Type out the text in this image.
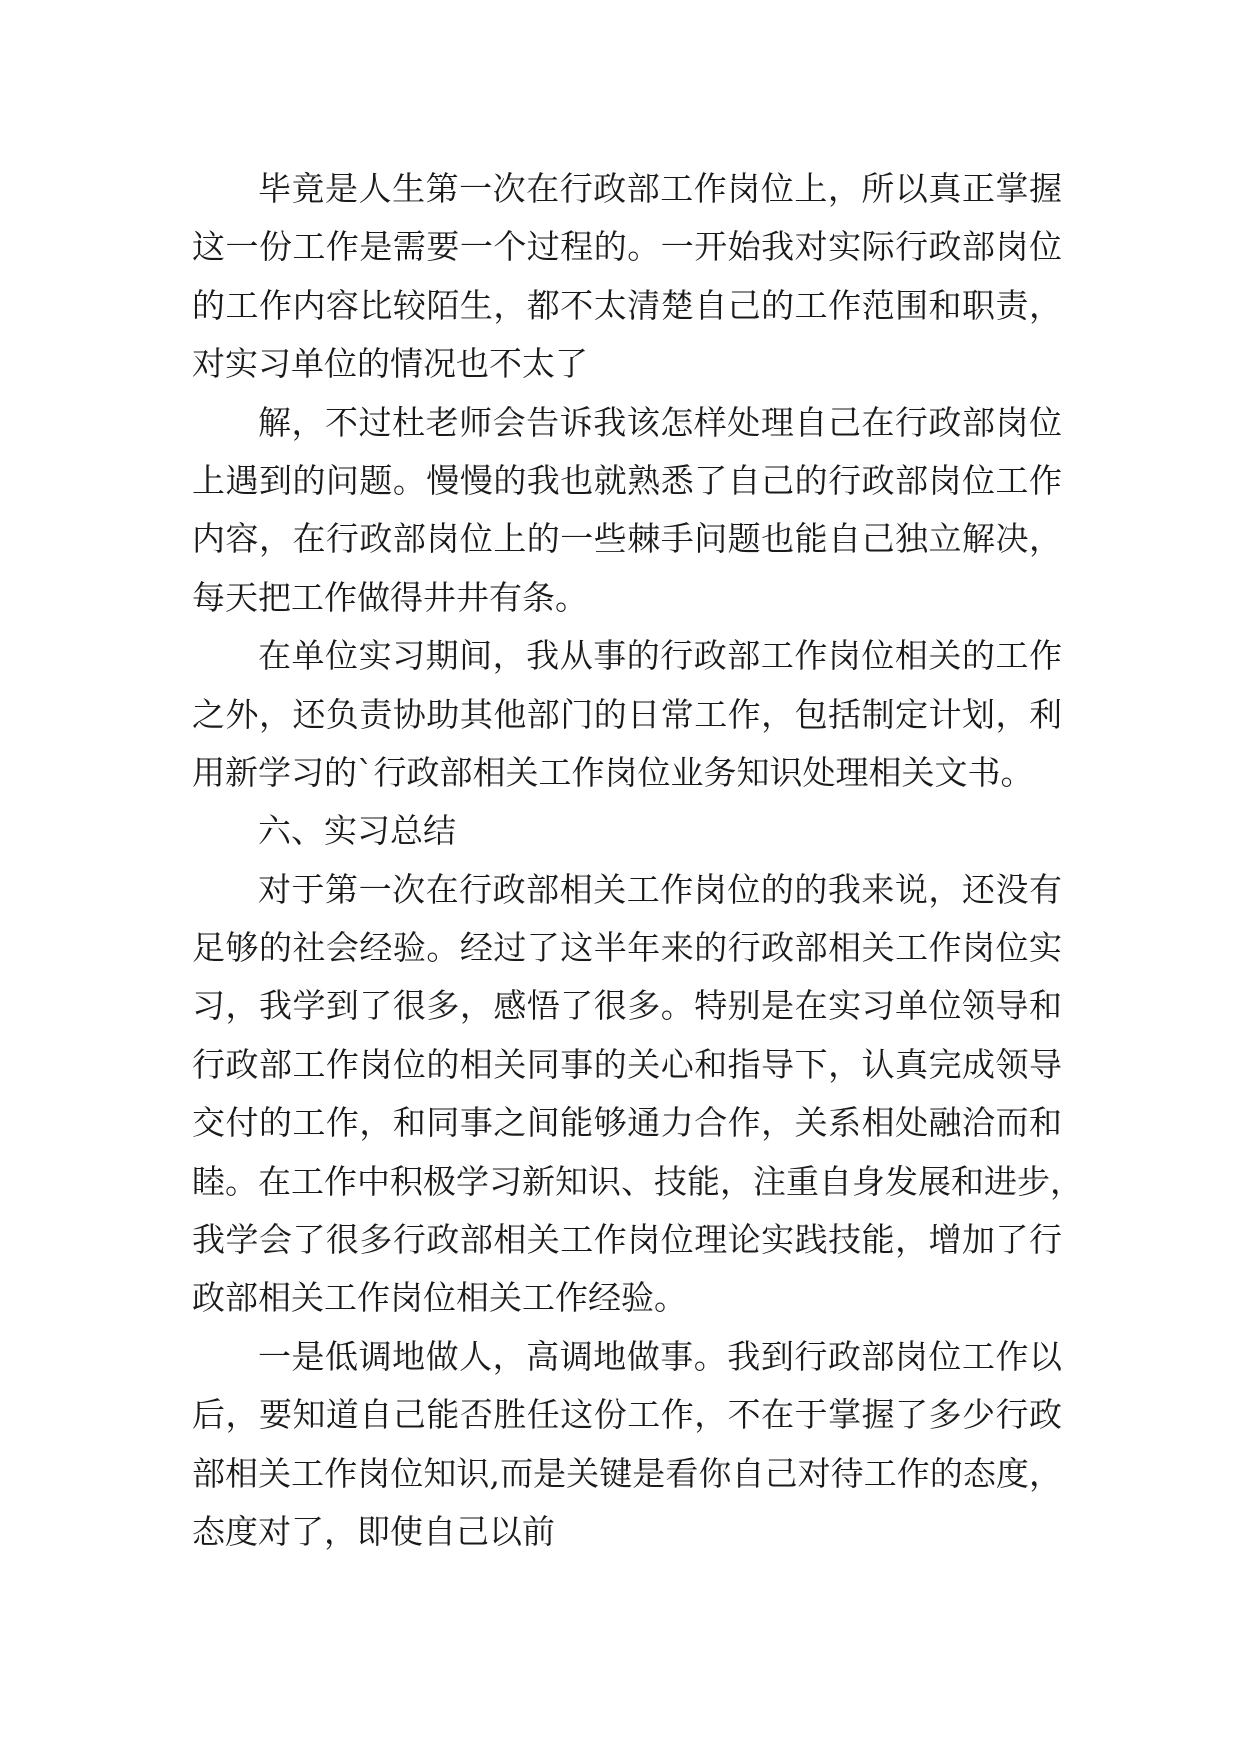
毕竟是人生第一次在行政部工作岗位上，所以真正掌握
这一份工作是需要一个过程的。一开始我对实际行政部岗位
的工作内容比较陌生，都不太清楚自己的工作范围和职责，
对实习单位的情况也不太了
解，不过杜老师会告诉我该怎样处理自己在行政部岗位
上遇到的问题。慢慢的我也就熟悉了自己的行政部岗位工作
内容，在行政部岗位上的一些棘手问题也能自己独立解决，
每天把工作做得井井有条。
在单位实习期间，我从事的行政部工作岗位相关的工作
之外，还负责协助其他部门的日常工作，包括制定计划，利
用新学习的`行政部相关工作岗位业务知识处理相关文书。
六、实习总结
对于第一次在行政部相关工作岗位的的我来说，还没有
足够的社会经验。经过了这半年来的行政部相关工作岗位实
习，我学到了很多，感悟了很多。特别是在实习单位领导和
行政部工作岗位的相关同事的关心和指导下，认真完成领导
交付的工作，和同事之间能够通力合作，关系相处融洽而和
睦。在工作中积极学习新知识、技能，注重自身发展和进步，
我学会了很多行政部相关工作岗位理论实践技能，增加了行
政部相关工作岗位相关工作经验。
一是低调地做人，高调地做事。我到行政部岗位工作以
后，要知道自己能否胜任这份工作，不在于掌握了多少行政
部相关工作岗位知识,而是关键是看你自己对待工作的态度，
态度对了，即使自己以前
